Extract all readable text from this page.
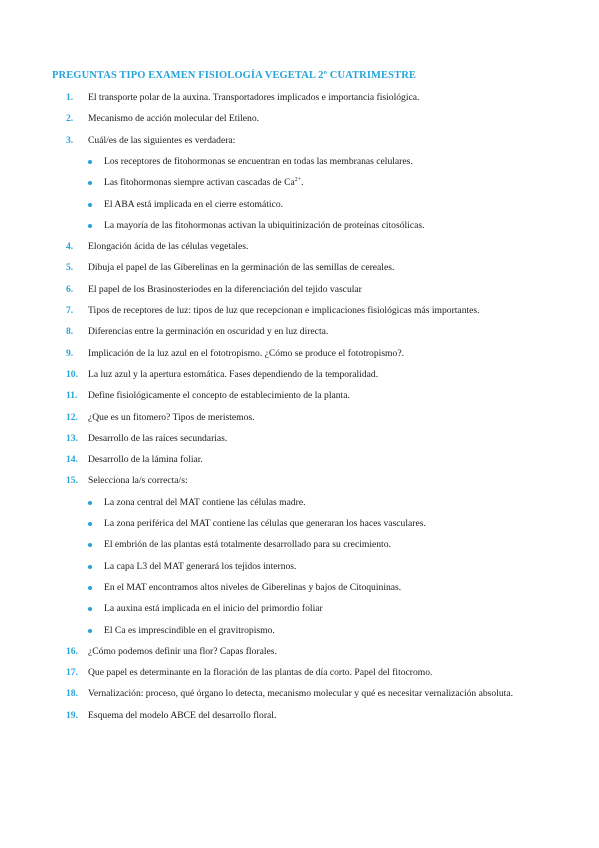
PREGUNTAS TIPO EXAMEN FISIOLOGÍA VEGETAL 2º CUATRIMESTRE
1.	El transporte polar de la auxina. Transportadores implicados e importancia fisiológica.
2.	Mecanismo de acción molecular del Etileno.
3.	Cuál/es de las siguientes es verdadera:
Los receptores de fitohormonas se encuentran en todas las membranas celulares.
Las fitohormonas siempre activan cascadas de $Ca^{2+}$.
El ABA está implicada en el cierre estomático.
La mayoría de las fitohormonas activan la ubiquitinización de proteínas citosólicas.
4.	Elongación ácida de las células vegetales.
5.	Dibuja el papel de las Giberelinas en la germinación de las semillas de cereales.
6.	El papel de los Brasinosteriodes en la diferenciación del tejido vascular
7.	Tipos de receptores de luz: tipos de luz que recepcionan e implicaciones fisiológicas más importantes.
8.	Diferencias entre la germinación en oscuridad y en luz directa.
9.	Implicación de la luz azul en el fototropismo. ¿Cómo se produce el fototropismo?.
10.	La luz azul y la apertura estomática. Fases dependiendo de la temporalidad.
11.	Define fisiológicamente el concepto de establecimiento de la planta.
12.	¿Que es un fitomero? Tipos de meristemos.
13.	Desarrollo de las raíces secundarias.
14.	Desarrollo de la lámina foliar.
15.	Selecciona la/s correcta/s:
La zona central del MAT contiene las células madre.
La zona periférica del MAT contiene las células que generaran los haces vasculares.
El embrión de las plantas está totalmente desarrollado para su crecimiento.
La capa L3 del MAT generará los tejidos internos.
En el MAT encontramos altos niveles de Giberelinas y bajos de Citoquininas.
La auxina está implicada en el inicio del primordio foliar
El Ca es imprescindible en el gravitropismo.
16.	¿Cómo podemos definir una flor? Capas florales.
17.	Que papel es determinante en la floración de las plantas de día corto. Papel del fitocromo.
18.	Vernalización: proceso, qué órgano lo detecta, mecanismo molecular y qué es necesitar vernalización absoluta.
19.	Esquema del modelo ABCE del desarrollo floral.
